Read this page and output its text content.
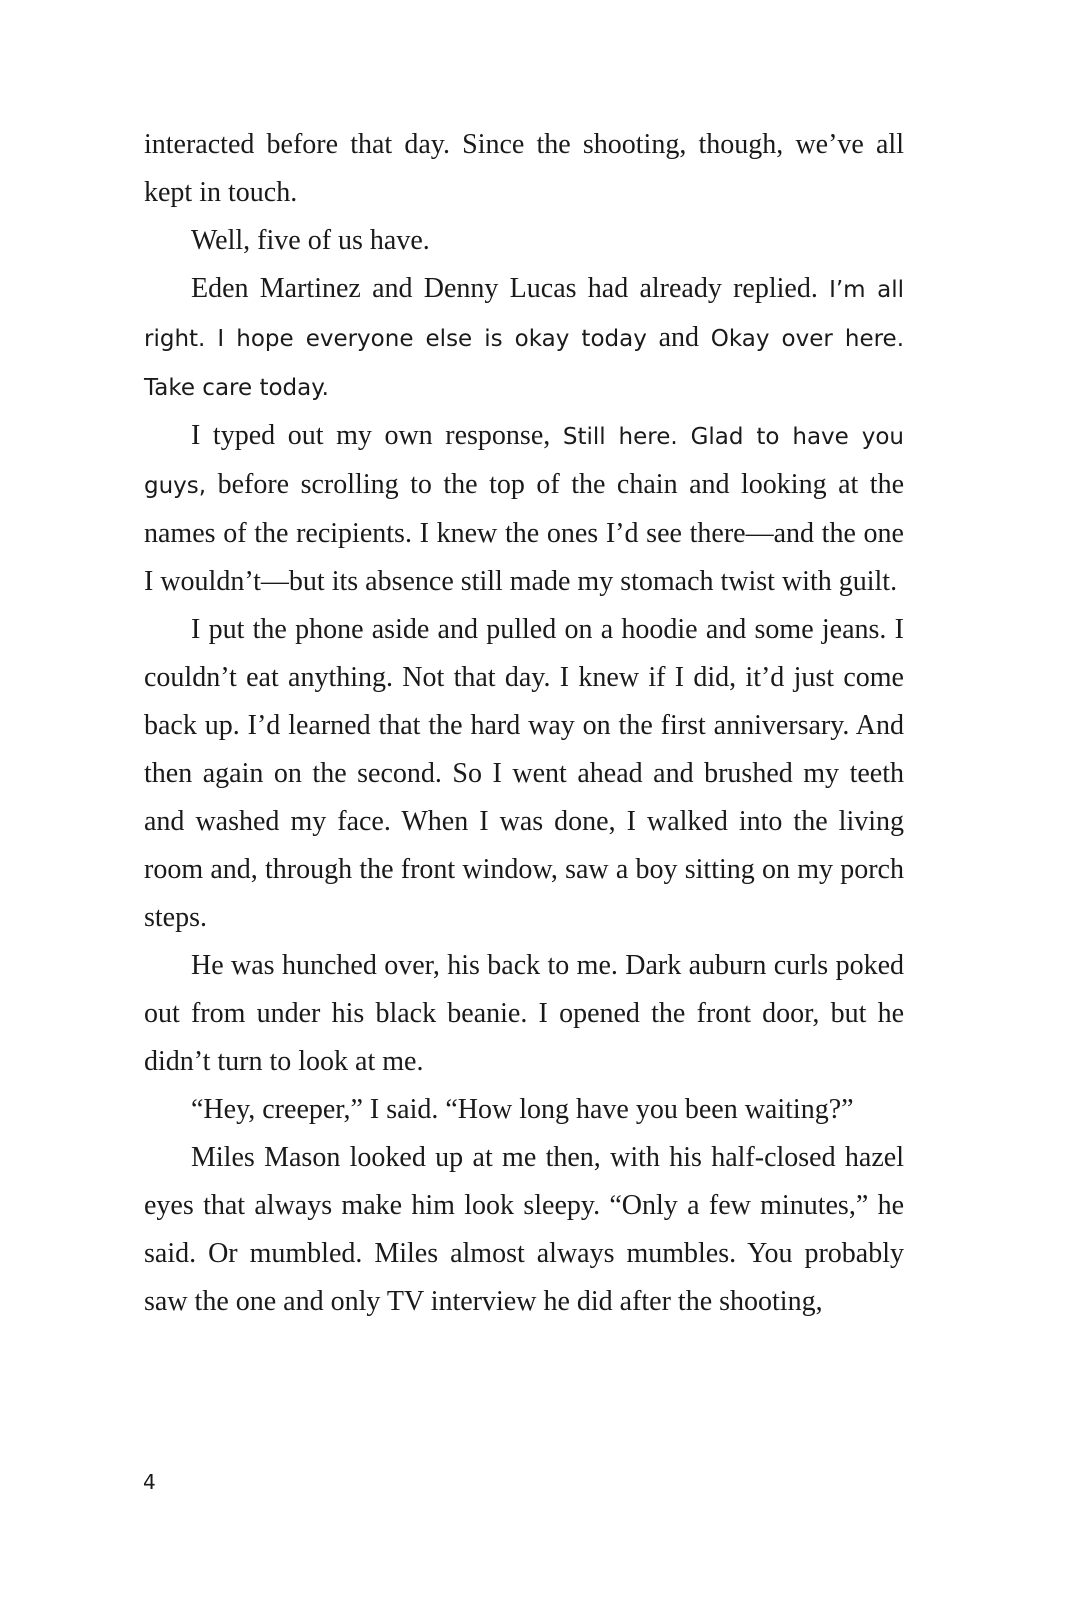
interacted before that day. Since the shooting, though, we’ve all kept in touch.

Well, five of us have.

Eden Martinez and Denny Lucas had already replied. I’m all right. I hope everyone else is okay today and Okay over here. Take care today.

I typed out my own response, Still here. Glad to have you guys, before scrolling to the top of the chain and looking at the names of the recipients. I knew the ones I’d see there—and the one I wouldn’t—but its absence still made my stomach twist with guilt.

I put the phone aside and pulled on a hoodie and some jeans. I couldn’t eat anything. Not that day. I knew if I did, it’d just come back up. I’d learned that the hard way on the first anniversary. And then again on the second. So I went ahead and brushed my teeth and washed my face. When I was done, I walked into the living room and, through the front window, saw a boy sitting on my porch steps.

He was hunched over, his back to me. Dark auburn curls poked out from under his black beanie. I opened the front door, but he didn’t turn to look at me.

“Hey, creeper,” I said. “How long have you been waiting?”

Miles Mason looked up at me then, with his half-closed hazel eyes that always make him look sleepy. “Only a few minutes,” he said. Or mumbled. Miles almost always mumbles. You probably saw the one and only TV interview he did after the shooting,

4
